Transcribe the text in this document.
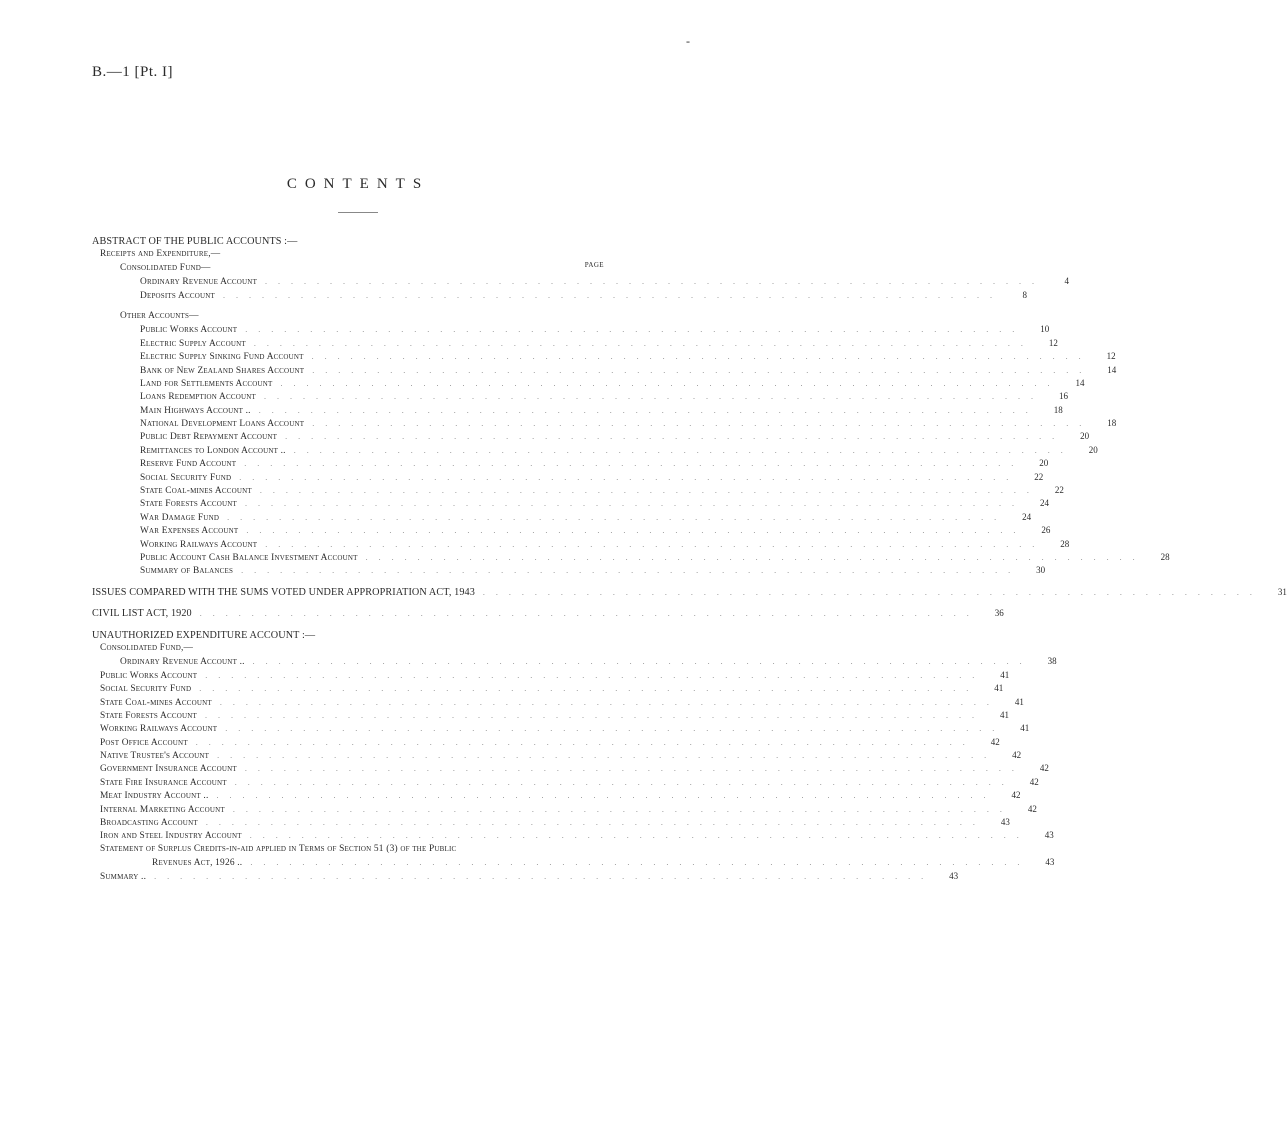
B.—1 [Pt. I]
-
CONTENTS
ABSTRACT OF THE PUBLIC ACCOUNTS :—
Receipts and Expenditure,—
Consolidated Fund—	PAGE
Ordinary Revenue Account	............................................................	4
Deposits Account	............................................................	8
Other Accounts—
Public Works Account	............................................................	10
Electric Supply Account	............................................................	12
Electric Supply Sinking Fund Account	............................................................	12
Bank of New Zealand Shares Account	............................................................	14
Land for Settlements Account	............................................................	14
Loans Redemption Account	............................................................	16
Main Highways Account ..	............................................................	18
National Development Loans Account	............................................................	18
Public Debt Repayment Account	............................................................	20
Remittances to London Account ..	............................................................	20
Reserve Fund Account	............................................................	20
Social Security Fund	............................................................	22
State Coal-mines Account	............................................................	22
State Forests Account	............................................................	24
War Damage Fund	............................................................	24
War Expenses Account	............................................................	26
Working Railways Account	............................................................	28
Public Account Cash Balance Investment Account	............................................................	28
Summary of Balances	............................................................	30
ISSUES COMPARED WITH THE SUMS VOTED UNDER APPROPRIATION ACT, 1943	............................................................	31
CIVIL LIST ACT, 1920	............................................................	36
UNAUTHORIZED EXPENDITURE ACCOUNT :—
Consolidated Fund,—
Ordinary Revenue Account ..	............................................................	38
Public Works Account	............................................................	41
Social Security Fund	............................................................	41
State Coal-mines Account	............................................................	41
State Forests Account	............................................................	41
Working Railways Account	............................................................	41
Post Office Account	............................................................	42
Native Trustee's Account	............................................................	42
Government Insurance Account	............................................................	42
State Fire Insurance Account	............................................................	42
Meat Industry Account ..	............................................................	42
Internal Marketing Account	............................................................	42
Broadcasting Account	............................................................	43
Iron and Steel Industry Account	............................................................	43
Statement of Surplus Credits-in-aid applied in Terms of Section 51 (3) of the Public
Revenues Act, 1926 ..	............................................................	43
Summary ..	............................................................	43
